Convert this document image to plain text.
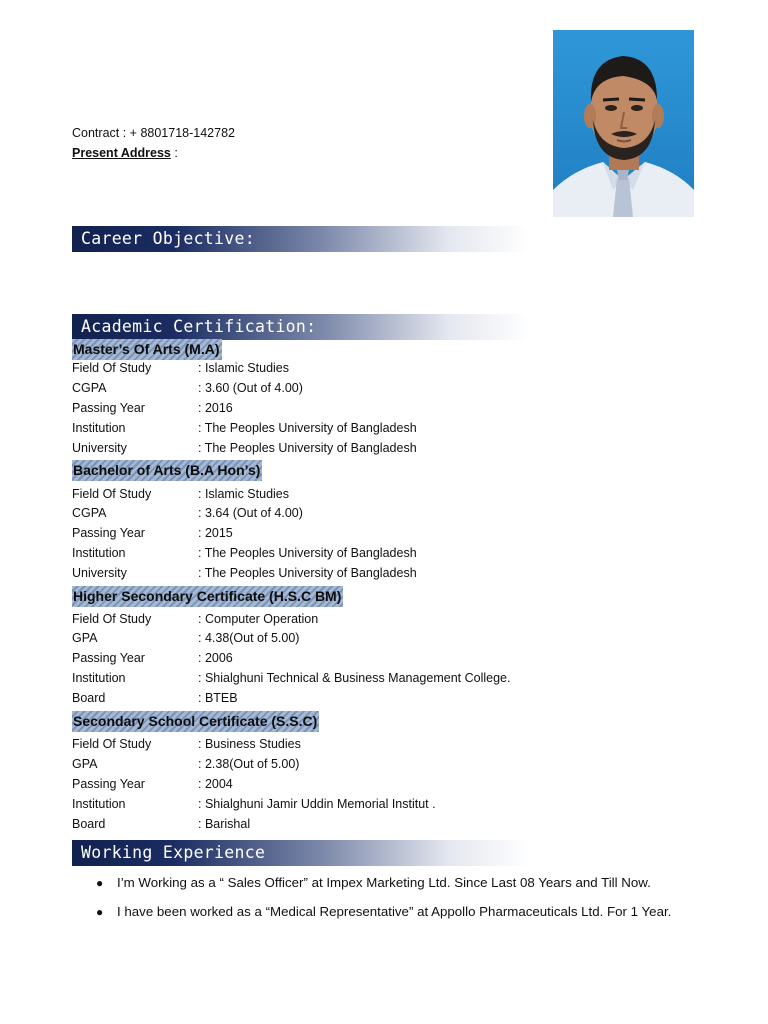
Contract : + 8801718-142782
Present Address :
Career Objective:
Academic Certification:
Master’s Of Arts (M.A)
Field Of Study	: Islamic Studies
CGPA	: 3.60 (Out of 4.00)
Passing Year	: 2016
Institution	: The Peoples University of Bangladesh
University	: The Peoples University of Bangladesh
Bachelor of Arts (B.A Hon’s)
Field Of Study	: Islamic Studies
CGPA	: 3.64 (Out of 4.00)
Passing Year	: 2015
Institution	: The Peoples University of Bangladesh
University	: The Peoples University of Bangladesh
Higher Secondary Certificate (H.S.C BM)
Field Of Study	: Computer Operation
GPA	: 4.38(Out of 5.00)
Passing Year	: 2006
Institution	: Shialghuni Technical & Business Management College.
Board	: BTEB
Secondary School Certificate (S.S.C)
Field Of Study	: Business Studies
GPA	: 2.38(Out of 5.00)
Passing Year	: 2004
Institution	: Shialghuni Jamir Uddin Memorial Institut .
Board	: Barishal
Working Experience
● I’m Working as a “ Sales Officer” at Impex Marketing Ltd. Since Last 08 Years and Till Now.
● I have been worked as a “Medical Representative” at Appollo Pharmaceuticals Ltd. For 1 Year.
